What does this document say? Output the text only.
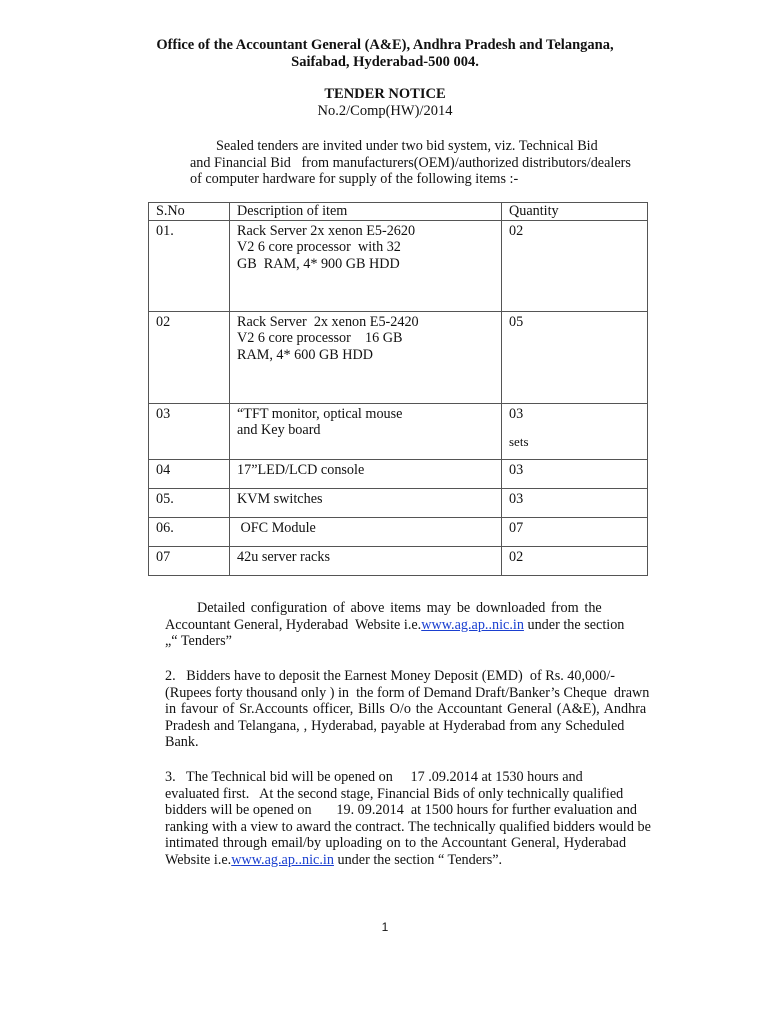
Office of the Accountant General (A&E), Andhra Pradesh and Telangana,
Saifabad, Hyderabad-500 004.
TENDER NOTICE
No.2/Comp(HW)/2014
Sealed tenders are invited under two bid system, viz. Technical Bid
and Financial Bid   from manufacturers(OEM)/authorized distributors/dealers
of computer hardware for supply of the following items :-
S.No	Description of item	Quantity
01.	Rack Server 2x xenon E5-2620
V2 6 core processor  with 32
GB  RAM, 4* 900 GB HDD	02

02	Rack Server  2x xenon E5-2420
V2 6 core processor    16 GB
RAM, 4* 600 GB HDD	05

03	“TFT monitor, optical mouse
and Key board	03
sets

04	17”LED/LCD console	03

05.	KVM switches	03

06.	OFC Module	07

07	42u server racks	02
Detailed configuration of above items may be downloaded from the
Accountant General, Hyderabad  Website i.e.www.ag.ap..nic.in under the section
„“ Tenders”
2.   Bidders have to deposit the Earnest Money Deposit (EMD)  of Rs. 40,000/-
(Rupees forty thousand only ) in  the form of Demand Draft/Banker’s Cheque  drawn
in favour of Sr.Accounts officer, Bills O/o the Accountant General (A&E), Andhra
Pradesh and Telangana, , Hyderabad, payable at Hyderabad from any Scheduled
Bank.
3.   The Technical bid will be opened on     17 .09.2014 at 1530 hours and
evaluated first.   At the second stage, Financial Bids of only technically qualified
bidders will be opened on       19. 09.2014  at 1500 hours for further evaluation and
ranking with a view to award the contract. The technically qualified bidders would be
intimated through email/by uploading on to the Accountant General, Hyderabad
Website i.e.www.ag.ap..nic.in under the section “ Tenders”.
1
